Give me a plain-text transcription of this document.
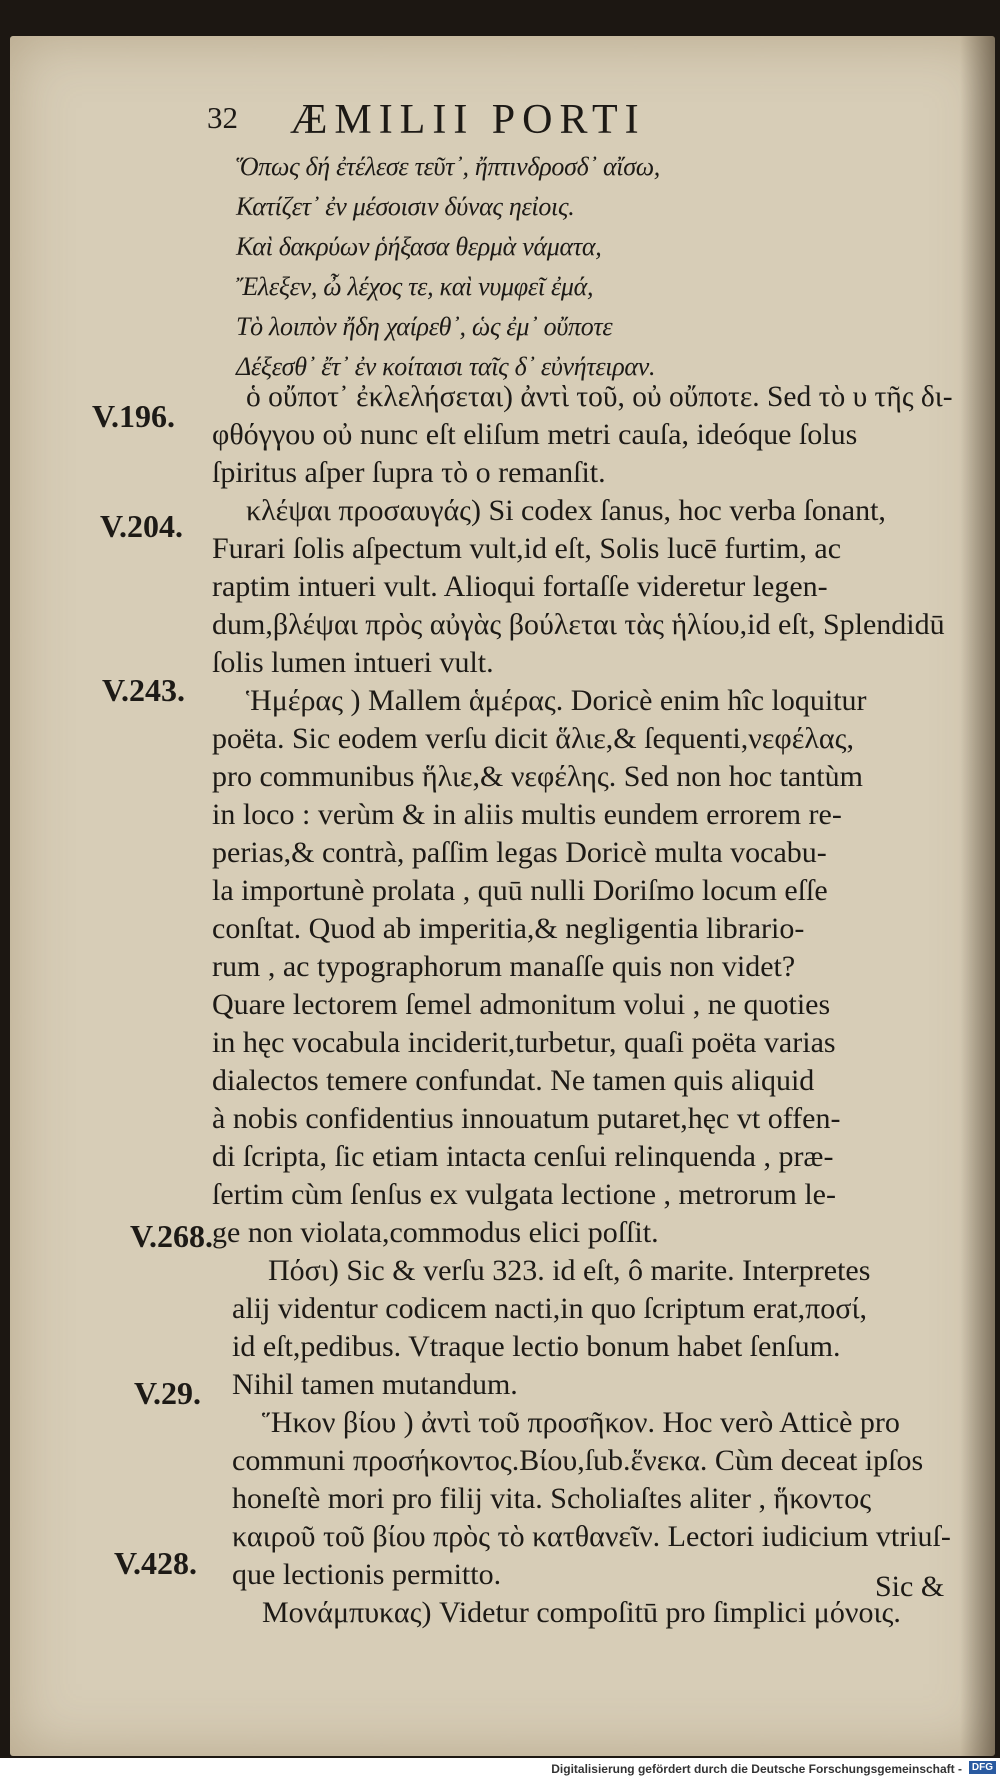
32 ÆMILII PORTI
Ὅπως δή ἐτέλεσε τεῦτ᾽, ἤπτινδροσδ᾽ αἴσω,
Κατίζετ᾽ ἐν μέσοισιν δύνας ηεἰοις.
Καὶ δακρύων ῥήξασα θερμὰ νάματα,
Ἔλεξεν, ὦ λέχος τε, καὶ νυμφεῖ ἐμά,
Τὸ λοιπὸν ἤδη χαίρεθ᾽, ὡς ἐμ᾽ οὔποτε
Δέξεσθ᾽ ἔτ᾽ ἐν κοίταισι ταῖς δ᾽ εὐνήτειραν.
V.196.
V.204.
V.243.
V.268.
V.29.
V.428.
ὁ οὔποτ᾽ ἐκλελήσεται) ἀντὶ τοῦ, οὐ οὔποτε. Sed τὸ υ τῆς δι-
φθόγγου οὐ nunc eſt eliſum metri cauſa, ideóque ſolus
ſpiritus aſper ſupra τὸ ο remanſit.
κλέψαι προσαυγάς) Si codex ſanus, hoc verba ſonant,
Furari ſolis aſpectum vult,id eſt, Solis lucē furtim, ac
raptim intueri vult. Alioqui fortaſſe videretur legen-
dum,βλέψαι πρὸς αὐγὰς βούλεται τὰς ἡλίου,id eſt, Splendidū
ſolis lumen intueri vult.
Ἡμέρας ) Mallem ἁμέρας. Doricè enim hîc loquitur
poëta. Sic eodem verſu dicit ἅλιε,& ſequenti,νεφέλας,
pro communibus ἥλιε,& νεφέλης. Sed non hoc tantùm
in loco : verùm & in aliis multis eundem errorem re-
perias,& contrà, paſſim legas Doricè multa vocabu-
la importunè prolata , quū nulli Doriſmo locum eſſe
conſtat. Quod ab imperitia,& negligentia librario-
rum , ac typographorum manaſſe quis non videt?
Quare lectorem ſemel admonitum volui , ne quoties
in hęc vocabula inciderit,turbetur, quaſi poëta varias
dialectos temere confundat. Ne tamen quis aliquid
à nobis confidentius innouatum putaret,hęc vt offen-
di ſcripta, ſic etiam intacta cenſui relinquenda , præ-
ſertim cùm ſenſus ex vulgata lectione , metrorum le-
ge non violata,commodus elici poſſit.
Πόσι) Sic & verſu 323. id eſt, ô marite. Interpretes
alij videntur codicem nacti,in quo ſcriptum erat,ποσί,
id eſt,pedibus. Vtraque lectio bonum habet ſenſum.
Nihil tamen mutandum.
Ἥκον βίου ) ἀντὶ τοῦ προσῆκον. Hoc verò Atticè pro
communi προσήκοντος.Βίου,ſub.ἕνεκα. Cùm deceat ipſos
honeſtè mori pro filij vita. Scholiaſtes aliter , ἥκοντος
καιροῦ τοῦ βίου πρὸς τὸ κατθανεῖν. Lectori iudicium vtriuſ-
que lectionis permitto.
Μονάμπυκας) Videtur compoſitū pro ſimplici μόνοις.
Sic &
Digitalisierung gefördert durch die Deutsche Forschungsgemeinschaft - DFG
